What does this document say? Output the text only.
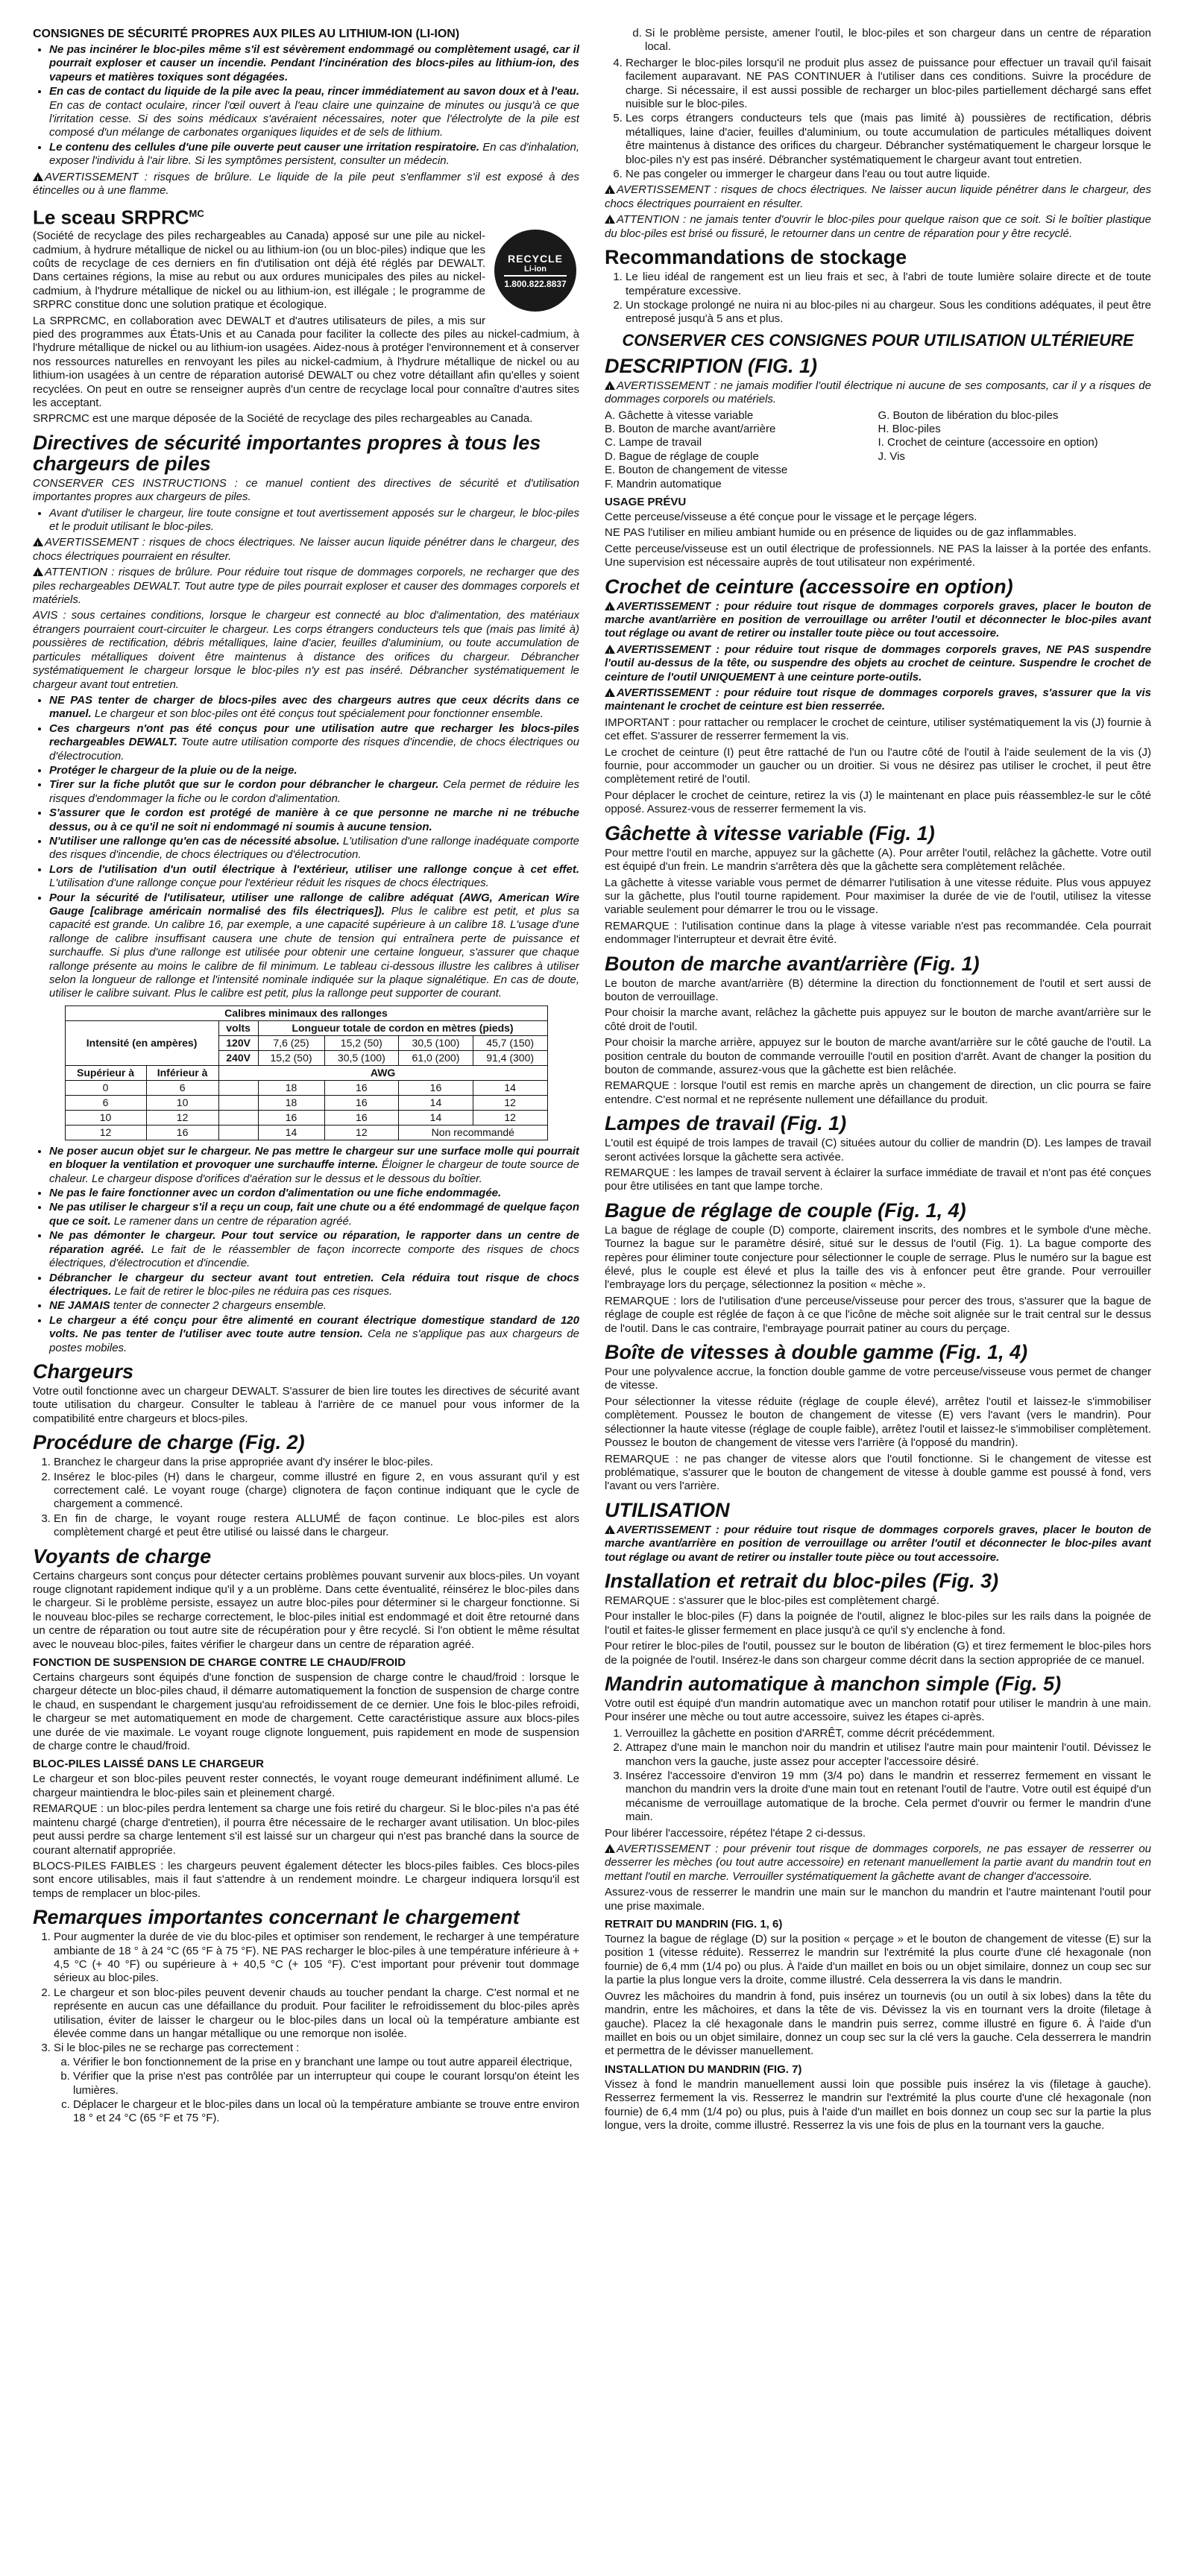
CONSIGNES DE SÉCURITÉ PROPRES AUX PILES AU LITHIUM-ION (LI-ION)
• Ne pas incinérer le bloc-piles même s'il est sévèrement endommagé ou complètement usagé, car il pourrait exploser et causer un incendie. Pendant l'incinération des blocs-piles au lithium-ion, des vapeurs et matières toxiques sont dégagées.
• En cas de contact du liquide de la pile avec la peau, rincer immédiatement au savon doux et à l'eau. En cas de contact oculaire, rincer l'œil ouvert à l'eau claire une quinzaine de minutes ou jusqu'à ce que l'irritation cesse. Si des soins médicaux s'avéraient nécessaires, noter que l'électrolyte de la pile est composé d'un mélange de carbonates organiques liquides et de sels de lithium.
• Le contenu des cellules d'une pile ouverte peut causer une irritation respiratoire. En cas d'inhalation, exposer l'individu à l'air libre. Si les symptômes persistent, consulter un médecin.

!AVERTISSEMENT : risques de brûlure. Le liquide de la pile peut s'enflammer s'il est exposé à des étincelles ou à une flamme.

Le sceau $SRPRC^{MC}$
RECYCLE
Li-ion
1.800.822.8837

(Société de recyclage des piles rechargeables au Canada) apposé sur une pile au nickel-cadmium, à hydrure métallique de nickel ou au lithium-ion (ou un bloc-piles) indique que les coûts de recyclage de ces derniers en fin d'utilisation ont déjà été réglés par DEWALT. Dans certaines régions, la mise au rebut ou aux ordures municipales des piles au nickel-cadmium, à l'hydrure métallique de nickel ou au lithium-ion, est illégale ; le programme de SRPRC constitue donc une solution pratique et écologique.

La SRPRCMC, en collaboration avec DEWALT et d'autres utilisateurs de piles, a mis sur pied des programmes aux États-Unis et au Canada pour faciliter la collecte des piles au nickel-cadmium, à l'hydrure métallique de nickel ou au lithium-ion usagées. Aidez-nous à protéger l'environnement et à conserver nos ressources naturelles en renvoyant les piles au nickel-cadmium, à l'hydrure métallique de nickel ou au lithium-ion usagées à un centre de réparation autorisé DEWALT ou chez votre détaillant afin qu'elles y soient recyclées. On peut en outre se renseigner auprès d'un centre de recyclage local pour connaître d'autres sites les acceptant.

SRPRCMC est une marque déposée de la Société de recyclage des piles rechargeables au Canada.

Directives de sécurité importantes propres à tous les chargeurs de piles

CONSERVER CES INSTRUCTIONS : ce manuel contient des directives de sécurité et d'utilisation importantes propres aux chargeurs de piles.

• Avant d'utiliser le chargeur, lire toute consigne et tout avertissement apposés sur le chargeur, le bloc-piles et le produit utilisant le bloc-piles.

!AVERTISSEMENT : risques de chocs électriques. Ne laisser aucun liquide pénétrer dans le chargeur, des chocs électriques pourraient en résulter.

!ATTENTION : risques de brûlure. Pour réduire tout risque de dommages corporels, ne recharger que des piles rechargeables DEWALT. Tout autre type de piles pourrait exploser et causer des dommages corporels et matériels.

AVIS : sous certaines conditions, lorsque le chargeur est connecté au bloc d'alimentation, des matériaux étrangers pourraient court-circuiter le chargeur. Les corps étrangers conducteurs tels que (mais pas limité à) poussières de rectification, débris métalliques, laine d'acier, feuilles d'aluminium, ou toute accumulation de particules métalliques doivent être maintenus à distance des orifices du chargeur. Débrancher systématiquement le chargeur lorsque le bloc-piles n'y est pas inséré. Débrancher systématiquement le chargeur avant tout entretien.

• NE PAS tenter de charger de blocs-piles avec des chargeurs autres que ceux décrits dans ce manuel. Le chargeur et son bloc-piles ont été conçus tout spécialement pour fonctionner ensemble.
• Ces chargeurs n'ont pas été conçus pour une utilisation autre que recharger les blocs-piles rechargeables DEWALT. Toute autre utilisation comporte des risques d'incendie, de chocs électriques ou d'électrocution.
• Protéger le chargeur de la pluie ou de la neige.
• Tirer sur la fiche plutôt que sur le cordon pour débrancher le chargeur. Cela permet de réduire les risques d'endommager la fiche ou le cordon d'alimentation.
• S'assurer que le cordon est protégé de manière à ce que personne ne marche ni ne trébuche dessus, ou à ce qu'il ne soit ni endommagé ni soumis à aucune tension.
• N'utiliser une rallonge qu'en cas de nécessité absolue. L'utilisation d'une rallonge inadéquate comporte des risques d'incendie, de chocs électriques ou d'électrocution.
• Lors de l'utilisation d'un outil électrique à l'extérieur, utiliser une rallonge conçue à cet effet. L'utilisation d'une rallonge conçue pour l'extérieur réduit les risques de chocs électriques.
• Pour la sécurité de l'utilisateur, utiliser une rallonge de calibre adéquat (AWG, American Wire Gauge [calibrage américain normalisé des fils électriques]). Plus le calibre est petit, et plus sa capacité est grande. Un calibre 16, par exemple, a une capacité supérieure à un calibre 18. L'usage d'une rallonge de calibre insuffisant causera une chute de tension qui entraînera perte de puissance et surchauffe. Si plus d'une rallonge est utilisée pour obtenir une certaine longueur, s'assurer que chaque rallonge présente au moins le calibre de fil minimum. Le tableau ci-dessous illustre les calibres à utiliser selon la longueur de rallonge et l'intensité nominale indiquée sur la plaque signalétique. En cas de doute, utiliser le calibre suivant. Plus le calibre est petit, plus la rallonge peut supporter de courant.
Calibres minimaux des rallonges						
Intensité (en ampères)		volts	Longueur totale de cordon en mètres (pieds)			
		120V	7,6 (25)	15,2 (50)	30,5 (100)	45,7 (150)
		240V	15,2 (50)	30,5 (100)	61,0 (200)	91,4 (300)
Supérieur à	Inférieur à	AWG				
0	6		18	16	16	14
6	10		18	16	14	12
10	12		16	16	14	12
12	16		14	12	Non recommandé	
• Ne poser aucun objet sur le chargeur. Ne pas mettre le chargeur sur une surface molle qui pourrait en bloquer la ventilation et provoquer une surchauffe interne. Éloigner le chargeur de toute source de chaleur. Le chargeur dispose d'orifices d'aération sur le dessus et le dessous du boîtier.
• Ne pas le faire fonctionner avec un cordon d'alimentation ou une fiche endommagée.
• Ne pas utiliser le chargeur s'il a reçu un coup, fait une chute ou a été endommagé de quelque façon que ce soit. Le ramener dans un centre de réparation agréé.
• Ne pas démonter le chargeur. Pour tout service ou réparation, le rapporter dans un centre de réparation agréé. Le fait de le réassembler de façon incorrecte comporte des risques de chocs électriques, d'électrocution et d'incendie.
• Débrancher le chargeur du secteur avant tout entretien. Cela réduira tout risque de chocs électriques. Le fait de retirer le bloc-piles ne réduira pas ces risques.
• NE JAMAIS tenter de connecter 2 chargeurs ensemble.
• Le chargeur a été conçu pour être alimenté en courant électrique domestique standard de 120 volts. Ne pas tenter de l'utiliser avec toute autre tension. Cela ne s'applique pas aux chargeurs de postes mobiles.
Chargeurs

Votre outil fonctionne avec un chargeur DEWALT. S'assurer de bien lire toutes les directives de sécurité avant toute utilisation du chargeur. Consulter le tableau à l'arrière de ce manuel pour vous informer de la compatibilité entre chargeurs et blocs-piles.

Procédure de charge (Fig. 2)
1. Branchez le chargeur dans la prise appropriée avant d'y insérer le bloc-piles.
2. Insérez le bloc-piles (H) dans le chargeur, comme illustré en figure 2, en vous assurant qu'il y est correctement calé. Le voyant rouge (charge) clignotera de façon continue indiquant que le cycle de chargement a commencé.
3. En fin de charge, le voyant rouge restera ALLUMÉ de façon continue. Le bloc-piles est alors complètement chargé et peut être utilisé ou laissé dans le chargeur.
Voyants de charge

Certains chargeurs sont conçus pour détecter certains problèmes pouvant survenir aux blocs-piles. Un voyant rouge clignotant rapidement indique qu'il y a un problème. Dans cette éventualité, réinsérez le bloc-piles dans le chargeur. Si le problème persiste, essayez un autre bloc-piles pour déterminer si le chargeur fonctionne. Si le nouveau bloc-piles se recharge correctement, le bloc-piles initial est endommagé et doit être retourné dans un centre de réparation ou tout autre site de récupération pour y être recyclé. Si l'on obtient le même résultat avec le nouveau bloc-piles, faites vérifier le chargeur dans un centre de réparation agréé.

FONCTION DE SUSPENSION DE CHARGE CONTRE LE CHAUD/FROID

Certains chargeurs sont équipés d'une fonction de suspension de charge contre le chaud/froid : lorsque le chargeur détecte un bloc-piles chaud, il démarre automatiquement la fonction de suspension de charge contre le chaud, en suspendant le chargement jusqu'au refroidissement de ce dernier. Une fois le bloc-piles refroidi, le chargeur se met automatiquement en mode de chargement. Cette caractéristique assure aux blocs-piles une durée de vie maximale. Le voyant rouge clignote longuement, puis rapidement en mode de suspension de charge contre le chaud/froid.

BLOC-PILES LAISSÉ DANS LE CHARGEUR

Le chargeur et son bloc-piles peuvent rester connectés, le voyant rouge demeurant indéfiniment allumé. Le chargeur maintiendra le bloc-piles sain et pleinement chargé.

REMARQUE : un bloc-piles perdra lentement sa charge une fois retiré du chargeur. Si le bloc-piles n'a pas été maintenu chargé (charge d'entretien), il pourra être nécessaire de le recharger avant utilisation. Un bloc-piles peut aussi perdre sa charge lentement s'il est laissé sur un chargeur qui n'est pas branché dans la source de courant alternatif appropriée.

BLOCS-PILES FAIBLES : les chargeurs peuvent également détecter les blocs-piles faibles. Ces blocs-piles sont encore utilisables, mais il faut s'attendre à un rendement moindre. Le chargeur indiquera lorsqu'il est temps de remplacer un bloc-piles.

Remarques importantes concernant le chargement
1. Pour augmenter la durée de vie du bloc-piles et optimiser son rendement, le recharger à une température ambiante de 18 ° à 24 °C (65 °F à 75 °F). NE PAS recharger le bloc-piles à une température inférieure à + 4,5 °C (+ 40 °F) ou supérieure à + 40,5 °C (+ 105 °F). C'est important pour prévenir tout dommage sérieux au bloc-piles.
2. Le chargeur et son bloc-piles peuvent devenir chauds au toucher pendant la charge. C'est normal et ne représente en aucun cas une défaillance du produit. Pour faciliter le refroidissement du bloc-piles après utilisation, éviter de laisser le chargeur ou le bloc-piles dans un local où la température ambiante est élevée comme dans un hangar métallique ou une remorque non isolée.
3. Si le bloc-piles ne se recharge pas correctement :
a. Vérifier le bon fonctionnement de la prise en y branchant une lampe ou tout autre appareil électrique,
b. Vérifier que la prise n'est pas contrôlée par un interrupteur qui coupe le courant lorsqu'on éteint les lumières.
c. Déplacer le chargeur et le bloc-piles dans un local où la température ambiante se trouve entre environ 18 ° et 24 °C (65 °F et 75 °F).
d. Si le problème persiste, amener l'outil, le bloc-piles et son chargeur dans un centre de réparation local.
4. Recharger le bloc-piles lorsqu'il ne produit plus assez de puissance pour effectuer un travail qu'il faisait facilement auparavant. NE PAS CONTINUER à l'utiliser dans ces conditions. Suivre la procédure de charge. Si nécessaire, il est aussi possible de recharger un bloc-piles partiellement déchargé sans effet nuisible sur le bloc-piles.
5. Les corps étrangers conducteurs tels que (mais pas limité à) poussières de rectification, débris métalliques, laine d'acier, feuilles d'aluminium, ou toute accumulation de particules métalliques doivent être maintenus à distance des orifices du chargeur. Débrancher systématiquement le chargeur lorsque le bloc-piles n'y est pas inséré. Débrancher systématiquement le chargeur avant tout entretien.
6. Ne pas congeler ou immerger le chargeur dans l'eau ou tout autre liquide.

!AVERTISSEMENT : risques de chocs électriques. Ne laisser aucun liquide pénétrer dans le chargeur, des chocs électriques pourraient en résulter.

!ATTENTION : ne jamais tenter d'ouvrir le bloc-piles pour quelque raison que ce soit. Si le boîtier plastique du bloc-piles est brisé ou fissuré, le retourner dans un centre de réparation pour y être recyclé.

Recommandations de stockage
1. Le lieu idéal de rangement est un lieu frais et sec, à l'abri de toute lumière solaire directe et de toute température excessive.
2. Un stockage prolongé ne nuira ni au bloc-piles ni au chargeur. Sous les conditions adéquates, il peut être entreposé jusqu'à 5 ans et plus.
CONSERVER CES CONSIGNES POUR UTILISATION ULTÉRIEURE
DESCRIPTION (FIG. 1)

!AVERTISSEMENT : ne jamais modifier l'outil électrique ni aucune de ses composants, car il y a risques de dommages corporels ou matériels.

A. Gâchette à vitesse variable

B. Bouton de marche avant/arrière

C. Lampe de travail

D. Bague de réglage de couple

E. Bouton de changement de vitesse

F. Mandrin automatique

G. Bouton de libération du bloc-piles

H. Bloc-piles

I. Crochet de ceinture (accessoire en option)

J. Vis

USAGE PRÉVU

Cette perceuse/visseuse a été conçue pour le vissage et le perçage légers.

NE PAS l'utiliser en milieu ambiant humide ou en présence de liquides ou de gaz inflammables.

Cette perceuse/visseuse est un outil électrique de professionnels. NE PAS la laisser à la portée des enfants. Une supervision est nécessaire auprès de tout utilisateur non expérimenté.

Crochet de ceinture (accessoire en option)

!AVERTISSEMENT : pour réduire tout risque de dommages corporels graves, placer le bouton de marche avant/arrière en position de verrouillage ou arrêter l'outil et déconnecter le bloc-piles avant tout réglage ou avant de retirer ou installer toute pièce ou tout accessoire.

!AVERTISSEMENT : pour réduire tout risque de dommages corporels graves, NE PAS suspendre l'outil au-dessus de la tête, ou suspendre des objets au crochet de ceinture. Suspendre le crochet de ceinture de l'outil UNIQUEMENT à une ceinture porte-outils.

!AVERTISSEMENT : pour réduire tout risque de dommages corporels graves, s'assurer que la vis maintenant le crochet de ceinture est bien resserrée.

IMPORTANT : pour rattacher ou remplacer le crochet de ceinture, utiliser systématiquement la vis (J) fournie à cet effet. S'assurer de resserrer fermement la vis.

Le crochet de ceinture (I) peut être rattaché de l'un ou l'autre côté de l'outil à l'aide seulement de la vis (J) fournie, pour accommoder un gaucher ou un droitier. Si vous ne désirez pas utiliser le crochet, il peut être complètement retiré de l'outil.

Pour déplacer le crochet de ceinture, retirez la vis (J) le maintenant en place puis réassemblez-le sur le côté opposé. Assurez-vous de resserrer fermement la vis.

Gâchette à vitesse variable (Fig. 1)

Pour mettre l'outil en marche, appuyez sur la gâchette (A). Pour arrêter l'outil, relâchez la gâchette. Votre outil est équipé d'un frein. Le mandrin s'arrêtera dès que la gâchette sera complètement relâchée.

La gâchette à vitesse variable vous permet de démarrer l'utilisation à une vitesse réduite. Plus vous appuyez sur la gâchette, plus l'outil tourne rapidement. Pour maximiser la durée de vie de l'outil, utilisez la vitesse variable seulement pour démarrer le trou ou le vissage.

REMARQUE : l'utilisation continue dans la plage à vitesse variable n'est pas recommandée. Cela pourrait endommager l'interrupteur et devrait être évité.

Bouton de marche avant/arrière (Fig. 1)

Le bouton de marche avant/arrière (B) détermine la direction du fonctionnement de l'outil et sert aussi de bouton de verrouillage.

Pour choisir la marche avant, relâchez la gâchette puis appuyez sur le bouton de marche avant/arrière sur le côté droit de l'outil.

Pour choisir la marche arrière, appuyez sur le bouton de marche avant/arrière sur le côté gauche de l'outil. La position centrale du bouton de commande verrouille l'outil en position d'arrêt. Avant de changer la position du bouton de commande, assurez-vous que la gâchette est bien relâchée.

REMARQUE : lorsque l'outil est remis en marche après un changement de direction, un clic pourra se faire entendre. C'est normal et ne représente nullement une défaillance du produit.

Lampes de travail (Fig. 1)

L'outil est équipé de trois lampes de travail (C) situées autour du collier de mandrin (D). Les lampes de travail seront activées lorsque la gâchette sera activée.

REMARQUE : les lampes de travail servent à éclairer la surface immédiate de travail et n'ont pas été conçues pour être utilisées en tant que lampe torche.

Bague de réglage de couple (Fig. 1, 4)

La bague de réglage de couple (D) comporte, clairement inscrits, des nombres et le symbole d'une mèche. Tournez la bague sur le paramètre désiré, situé sur le dessus de l'outil (Fig. 1). La bague comporte des repères pour éliminer toute conjecture pour sélectionner le couple de serrage. Plus le numéro sur la bague est élevé, plus le couple est élevé et plus la taille des vis à enfoncer peut être grande. Pour verrouiller l'embrayage lors du perçage, sélectionnez la position « mèche ».

REMARQUE : lors de l'utilisation d'une perceuse/visseuse pour percer des trous, s'assurer que la bague de réglage de couple est réglée de façon à ce que l'icône de mèche soit alignée sur le trait central sur le dessus de l'outil. Dans le cas contraire, l'embrayage pourrait patiner au cours du perçage.

Boîte de vitesses à double gamme (Fig. 1, 4)

Pour une polyvalence accrue, la fonction double gamme de votre perceuse/visseuse vous permet de changer de vitesse.

Pour sélectionner la vitesse réduite (réglage de couple élevé), arrêtez l'outil et laissez-le s'immobiliser complètement. Poussez le bouton de changement de vitesse (E) vers l'avant (vers le mandrin). Pour sélectionner la haute vitesse (réglage de couple faible), arrêtez l'outil et laissez-le s'immobiliser complètement. Poussez le bouton de changement de vitesse vers l'arrière (à l'opposé du mandrin).

REMARQUE : ne pas changer de vitesse alors que l'outil fonctionne. Si le changement de vitesse est problématique, s'assurer que le bouton de changement de vitesse à double gamme est poussé à fond, vers l'avant ou vers l'arrière.

UTILISATION

!AVERTISSEMENT : pour réduire tout risque de dommages corporels graves, placer le bouton de marche avant/arrière en position de verrouillage ou arrêter l'outil et déconnecter le bloc-piles avant tout réglage ou avant de retirer ou installer toute pièce ou tout accessoire.

Installation et retrait du bloc-piles (Fig. 3)

REMARQUE : s'assurer que le bloc-piles est complètement chargé.

Pour installer le bloc-piles (F) dans la poignée de l'outil, alignez le bloc-piles sur les rails dans la poignée de l'outil et faites-le glisser fermement en place jusqu'à ce qu'il s'y enclenche à fond.

Pour retirer le bloc-piles de l'outil, poussez sur le bouton de libération (G) et tirez fermement le bloc-piles hors de la poignée de l'outil. Insérez-le dans son chargeur comme décrit dans la section appropriée de ce manuel.

Mandrin automatique à manchon simple (Fig. 5)

Votre outil est équipé d'un mandrin automatique avec un manchon rotatif pour utiliser le mandrin à une main. Pour insérer une mèche ou tout autre accessoire, suivez les étapes ci-après.

1. Verrouillez la gâchette en position d'ARRÊT, comme décrit précédemment.
2. Attrapez d'une main le manchon noir du mandrin et utilisez l'autre main pour maintenir l'outil. Dévissez le manchon vers la gauche, juste assez pour accepter l'accessoire désiré.
3. Insérez l'accessoire d'environ 19 mm (3/4 po) dans le mandrin et resserrez fermement en vissant le manchon du mandrin vers la droite d'une main tout en retenant l'outil de l'autre. Votre outil est équipé d'un mécanisme de verrouillage automatique de la broche. Cela permet d'ouvrir ou fermer le mandrin d'une main.

Pour libérer l'accessoire, répétez l'étape 2 ci-dessus.

!AVERTISSEMENT : pour prévenir tout risque de dommages corporels, ne pas essayer de resserrer ou desserrer les mèches (ou tout autre accessoire) en retenant manuellement la partie avant du mandrin tout en mettant l'outil en marche. Verrouiller systématiquement la gâchette avant de changer d'accessoire.

Assurez-vous de resserrer le mandrin une main sur le manchon du mandrin et l'autre maintenant l'outil pour une prise maximale.

RETRAIT DU MANDRIN (FIG. 1, 6)

Tournez la bague de réglage (D) sur la position « perçage » et le bouton de changement de vitesse (E) sur la position 1 (vitesse réduite). Resserrez le mandrin sur l'extrémité la plus courte d'une clé hexagonale (non fournie) de 6,4 mm (1/4 po) ou plus. À l'aide d'un maillet en bois ou un objet similaire, donnez un coup sec sur la partie la plus longue vers la droite, comme illustré. Cela desserrera la vis dans le mandrin.

Ouvrez les mâchoires du mandrin à fond, puis insérez un tournevis (ou un outil à six lobes) dans la tête du mandrin, entre les mâchoires, et dans la tête de vis. Dévissez la vis en tournant vers la droite (filetage à gauche). Placez la clé hexagonale dans le mandrin puis serrez, comme illustré en figure 6. À l'aide d'un maillet en bois ou un objet similaire, donnez un coup sec sur la clé vers la gauche. Cela desserrera le mandrin et permettra de le dévisser manuellement.

INSTALLATION DU MANDRIN (FIG. 7)

Vissez à fond le mandrin manuellement aussi loin que possible puis insérez la vis (filetage à gauche). Resserrez fermement la vis. Resserrez le mandrin sur l'extrémité la plus courte d'une clé hexagonale (non fournie) de 6,4 mm (1/4 po) ou plus, puis à l'aide d'un maillet en bois donnez un coup sec sur la partie la plus longue, vers la droite, comme illustré. Resserrez la vis une fois de plus en la tournant vers la gauche.
